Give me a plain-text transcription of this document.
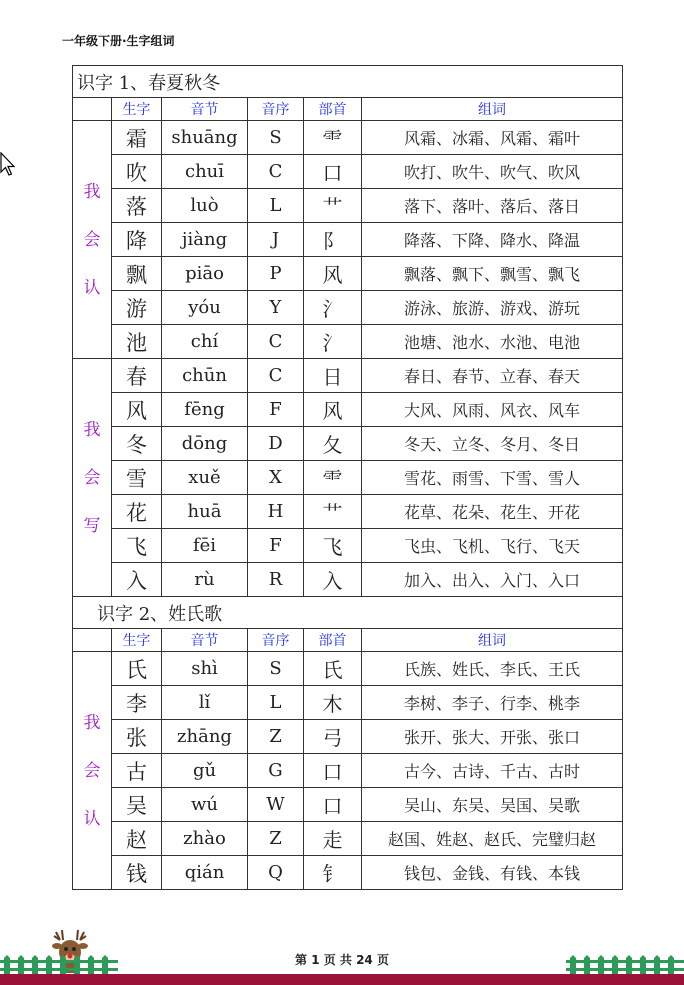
一年级下册·生字组词
识字 1、春夏秋冬					
	生字	音节	音序	部首	组词

我
会
认	霜	shuāng	S	⻗	风霜、冰霜、风霜、霜叶
	吹	chuī	C	口	吹打、吹牛、吹气、吹风
	落	luò	L	艹	落下、落叶、落后、落日
	降	jiàng	J	阝	降落、下降、降水、降温
	飘	piāo	P	风	飘落、飘下、飘雪、飘飞
	游	yóu	Y	氵	游泳、旅游、游戏、游玩
	池	chí	C	氵	池塘、池水、水池、电池

我
会
写	春	chūn	C	日	春日、春节、立春、春天
	风	fēng	F	风	大风、风雨、风衣、风车
	冬	dōng	D	夂	冬天、立冬、冬月、冬日
	雪	xuě	X	⻗	雪花、雨雪、下雪、雪人
	花	huā	H	艹	花草、花朵、花生、开花
	飞	fēi	F	飞	飞虫、飞机、飞行、飞天
	入	rù	R	入	加入、出入、入门、入口
识字 2、姓氏歌					
	生字	音节	音序	部首	组词

我
会
认	氏	shì	S	氏	氏族、姓氏、李氏、王氏
	李	lǐ	L	木	李树、李子、行李、桃李
	张	zhāng	Z	弓	张开、张大、开张、张口
	古	gǔ	G	口	古今、古诗、千古、古时
	吴	wú	W	口	吴山、东吴、吴国、吴歌
	赵	zhào	Z	走	赵国、姓赵、赵氏、完璧归赵
	钱	qián	Q	钅	钱包、金钱、有钱、本钱
第 1 页 共 24 页
